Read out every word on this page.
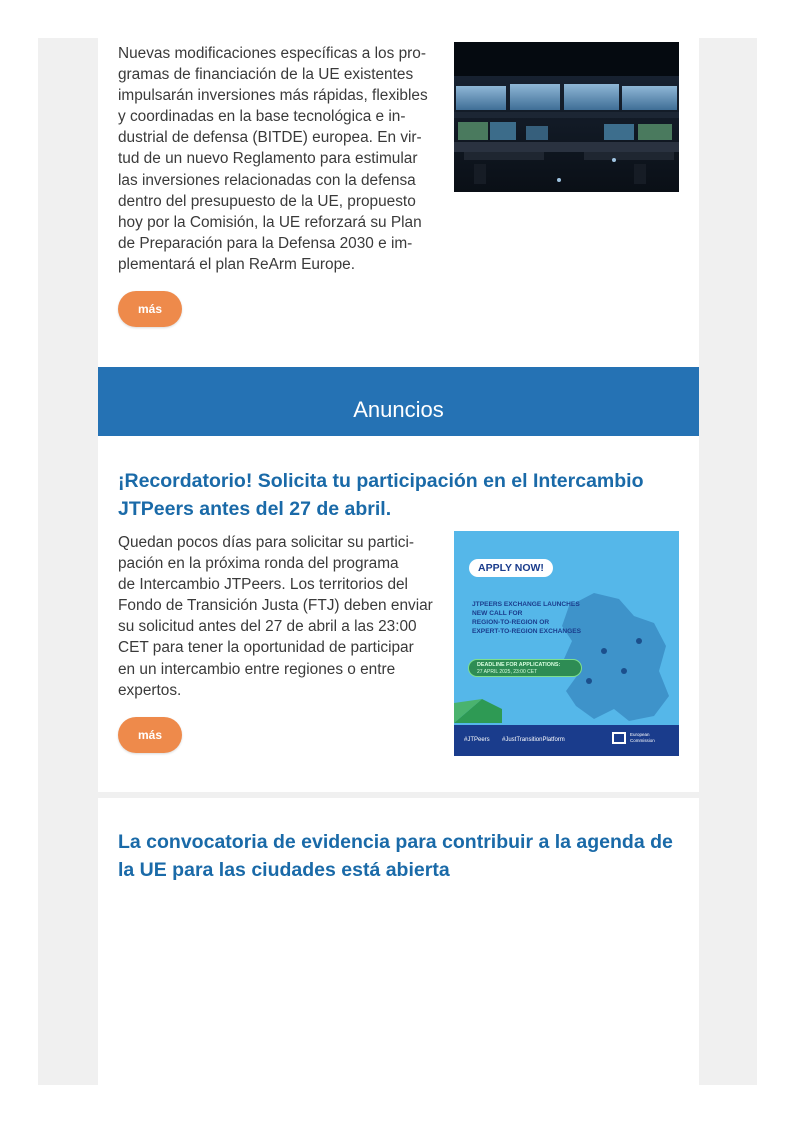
Nuevas modificaciones específicas a los pro-
gramas de financiación de la UE existentes
impulsarán inversiones más rápidas, flexibles
y coordinadas en la base tecnológica e in-
dustrial de defensa (BITDE) europea. En vir-
tud de un nuevo Reglamento para estimular
las inversiones relacionadas con la defensa
dentro del presupuesto de la UE, propuesto
hoy por la Comisión, la UE reforzará su Plan
de Preparación para la Defensa 2030 e im-
plementará el plan ReArm Europe.

más
Anuncios
¡Recordatorio! Solicita tu participación en el Intercambio
JTPeers antes del 27 de abril.

Quedan pocos días para solicitar su partici-
pación en la próxima ronda del programa
de Intercambio JTPeers. Los territorios del
Fondo de Transición Justa (FTJ) deben enviar
su solicitud antes del 27 de abril a las 23:00
CET para tener la oportunidad de participar
en un intercambio entre regiones o entre
expertos.

APPLY NOW!
JTPEERS EXCHANGE LAUNCHES
NEW CALL FOR
REGION-TO-REGION OR
EXPERT-TO-REGION EXCHANGES
DEADLINE FOR APPLICATIONS:
27 APRIL 2025, 23:00 CET
#JTPeers #JustTransitionPlatform
European
Commission
más
La convocatoria de evidencia para contribuir a la agenda de
la UE para las ciudades está abierta
